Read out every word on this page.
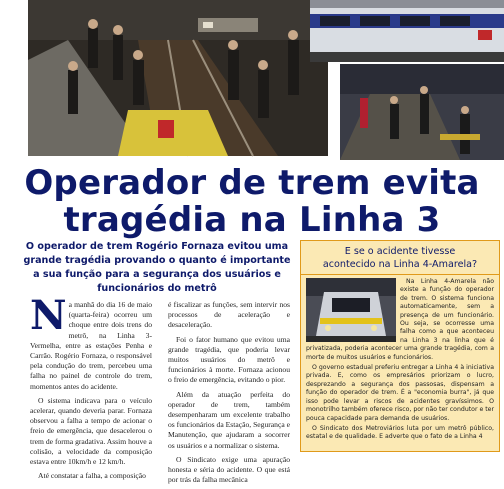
Operador de trem evita
tragédia na Linha 3
O operador de trem Rogério Fornaza evitou uma grande tragédia provando o quanto é importante a sua função para a segurança dos usuários e funcionários do metrô

Na manhã do dia 16 de maio (quarta-feira) ocorreu um choque entre dois trens do metrô, na Linha 3-Vermelha, entre as estações Penha e Carrão. Rogério Fornaza, o responsável pela condução do trem, percebeu uma falha no painel de controle do trem, momentos antes do acidente.

O sistema indicava para o veículo acelerar, quando deveria parar. Fornaza observou a falha a tempo de acionar o freio de emergência, que desacelerou o trem de forma gradativa. Assim houve a colisão, a velocidade da composição estava entre 10km/h e 12 km/h.

Até constatar a falha, a composição

é fiscalizar as funções, sem intervir nos processos de aceleração e desaceleração.

Foi o fator humano que evitou uma grande tragédia, que poderia levar muitos usuários do metrô e funcionários à morte. Fornaza acionou o freio de emergência, evitando o pior.

Além da atuação perfeita do operador de trem, também desempenharam um excelente trabalho os funcionários da Estação, Segurança e Manutenção, que ajudaram a socorrer os usuários e a normalizar o sistema.

O Sindicato exige uma apuração honesta e séria do acidente. O que está por trás da falha mecânica

E se o acidente tivesse
acontecido na Linha 4-Amarela?

Na Linha 4-Amarela não existe a função do operador de trem. O sistema funciona automaticamente, sem a presença de um funcionário. Ou seja, se ocorresse uma falha como a que aconteceu na Linha 3 na linha que é privatizada, poderia acontecer uma grande tragédia, com a morte de muitos usuários e funcionários.

O governo estadual preferiu entregar a Linha 4 à iniciativa privada. E, como os empresários priorizam o lucro, desprezando a segurança dos passosas, dispensam a função do operador de trem. É a "economia burra", já que isso pode levar a riscos de acidentes gravíssimos. O monotrilho também oferece risco, por não ter condutor e ter pouca capacidade para demanda de usuários.

O Sindicato dos Metroviários luta por um metrô público, estatal e de qualidade. E adverte que o fato de a Linha 4
